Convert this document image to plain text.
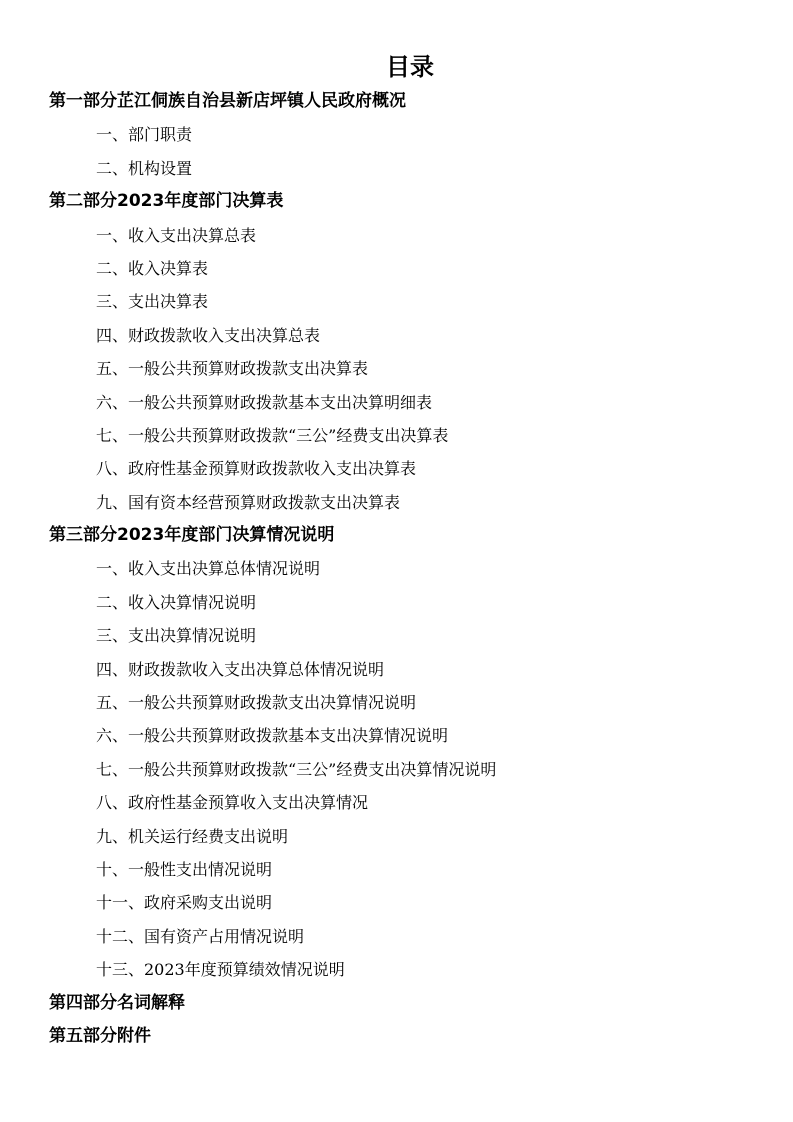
目录
第一部分芷江侗族自治县新店坪镇人民政府概况
一、部门职责
二、机构设置
第二部分2023年度部门决算表
一、收入支出决算总表
二、收入决算表
三、支出决算表
四、财政拨款收入支出决算总表
五、一般公共预算财政拨款支出决算表
六、一般公共预算财政拨款基本支出决算明细表
七、一般公共预算财政拨款“三公”经费支出决算表
八、政府性基金预算财政拨款收入支出决算表
九、国有资本经营预算财政拨款支出决算表
第三部分2023年度部门决算情况说明
一、收入支出决算总体情况说明
二、收入决算情况说明
三、支出决算情况说明
四、财政拨款收入支出决算总体情况说明
五、一般公共预算财政拨款支出决算情况说明
六、一般公共预算财政拨款基本支出决算情况说明
七、一般公共预算财政拨款“三公”经费支出决算情况说明
八、政府性基金预算收入支出决算情况
九、机关运行经费支出说明
十、一般性支出情况说明
十一、政府采购支出说明
十二、国有资产占用情况说明
十三、2023年度预算绩效情况说明
第四部分名词解释
第五部分附件
